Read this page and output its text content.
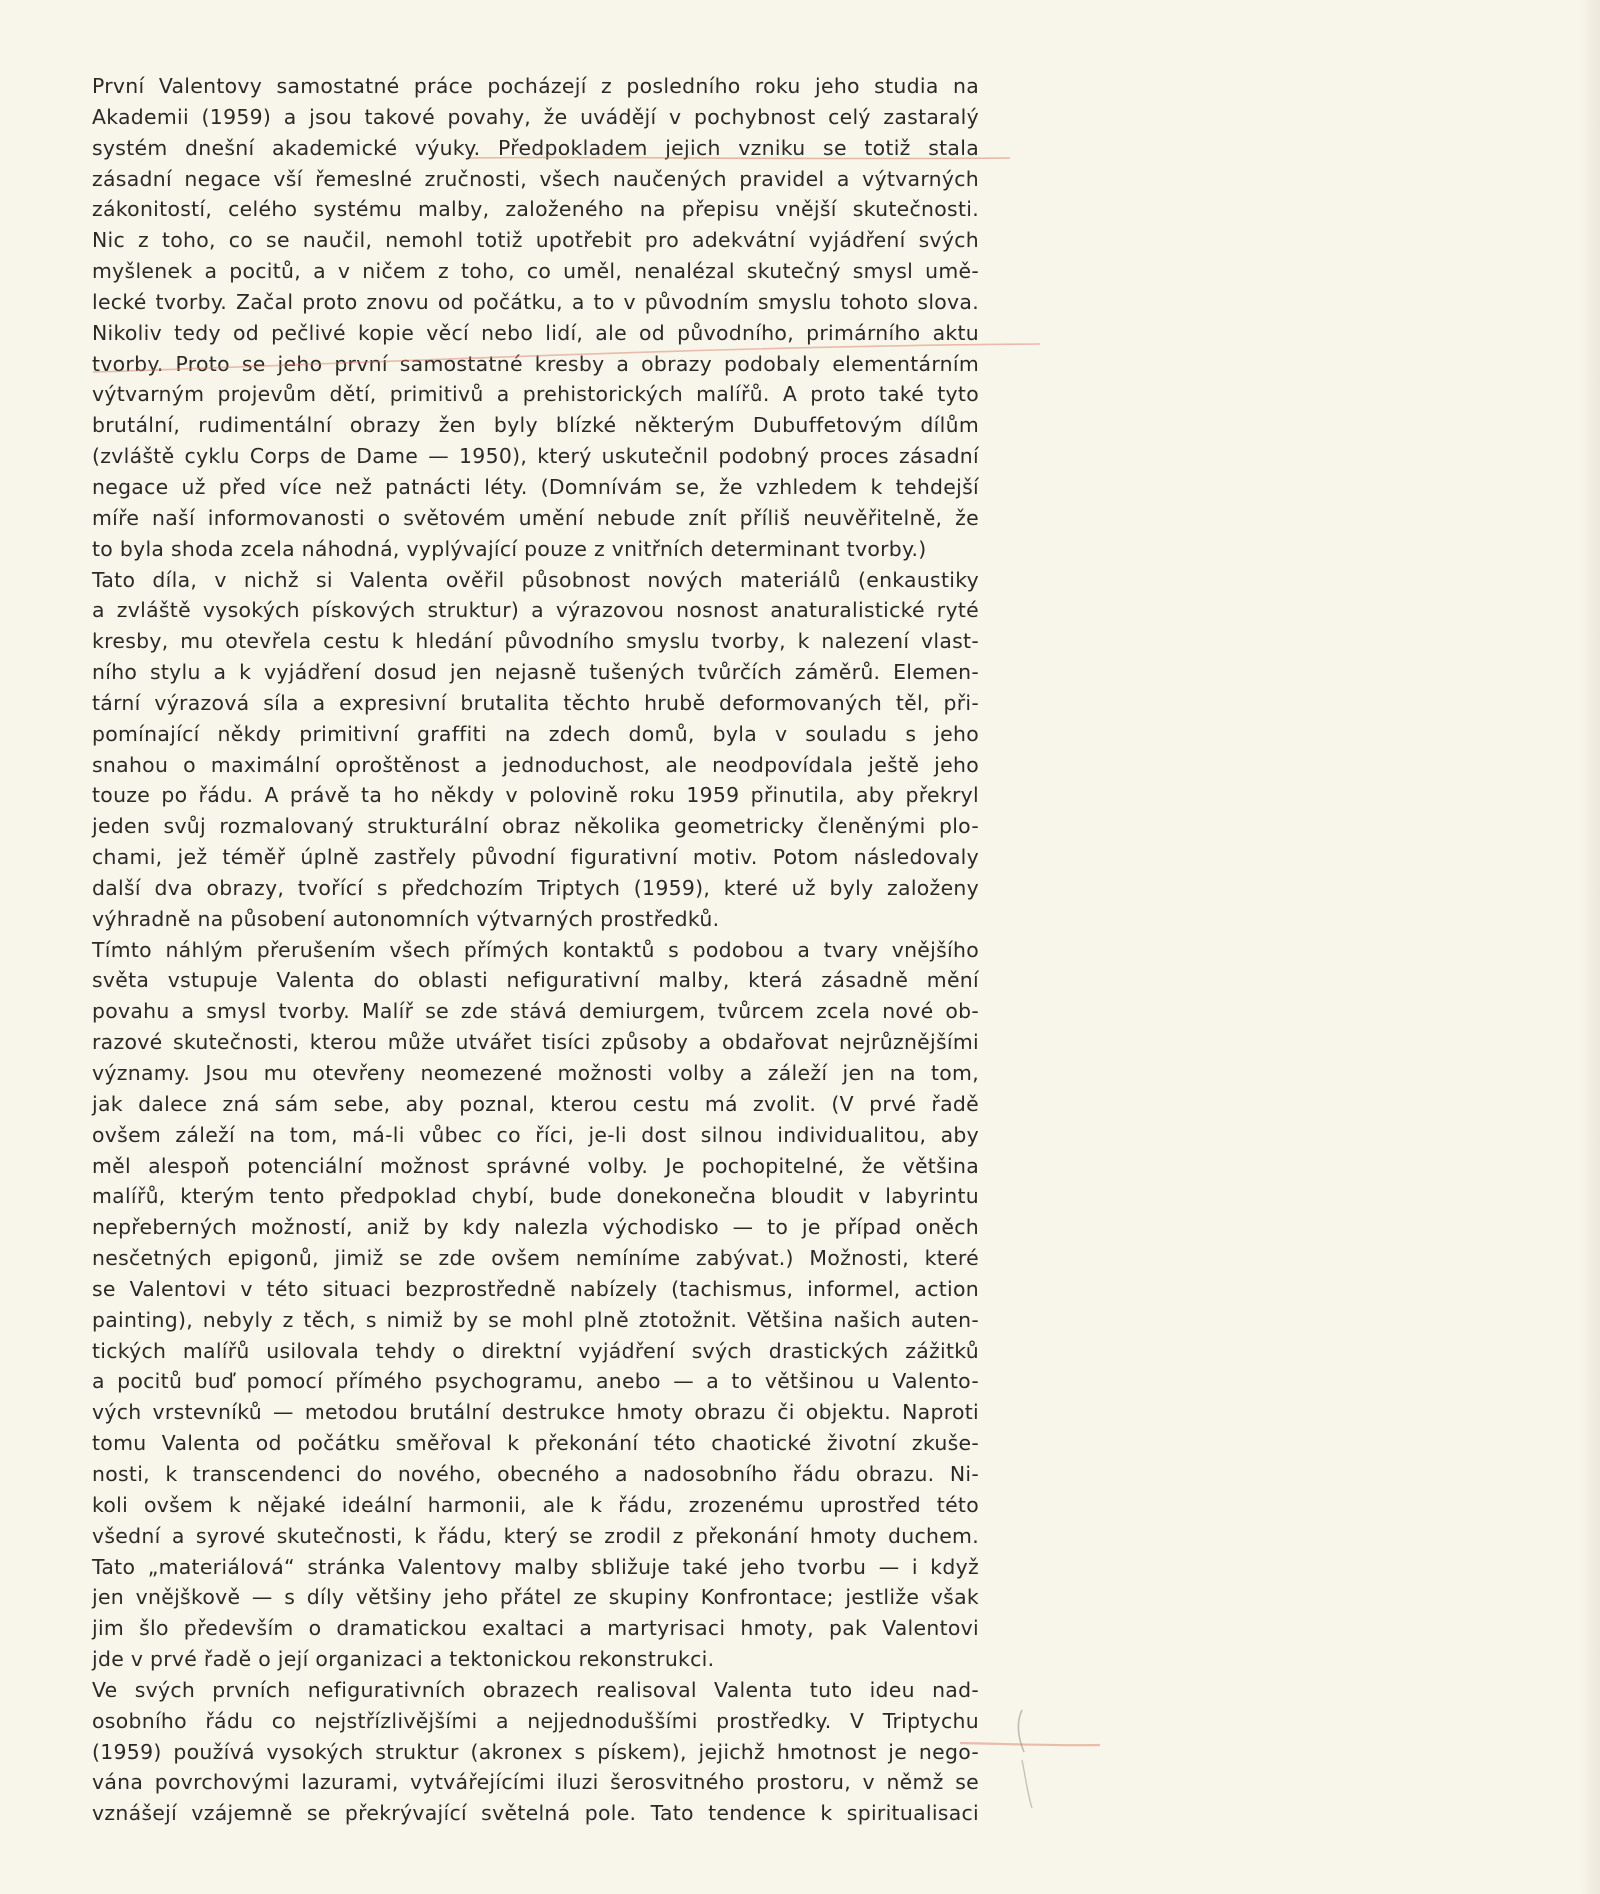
První Valentovy samostatné práce pocházejí z posledního roku jeho studia na
Akademii (1959) a jsou takové povahy, že uvádějí v pochybnost celý zastaralý
systém dnešní akademické výuky. Předpokladem jejich vzniku se totiž stala
zásadní negace vší řemeslné zručnosti, všech naučených pravidel a výtvarných
zákonitostí, celého systému malby, založeného na přepisu vnější skutečnosti.
Nic z toho, co se naučil, nemohl totiž upotřebit pro adekvátní vyjádření svých
myšlenek a pocitů, a v ničem z toho, co uměl, nenalézal skutečný smysl umě-
lecké tvorby. Začal proto znovu od počátku, a to v původním smyslu tohoto slova.
Nikoliv tedy od pečlivé kopie věcí nebo lidí, ale od původního, primárního aktu
tvorby. Proto se jeho první samostatné kresby a obrazy podobaly elementárním
výtvarným projevům dětí, primitivů a prehistorických malířů. A proto také tyto
brutální, rudimentální obrazy žen byly blízké některým Dubuffetovým dílům
(zvláště cyklu Corps de Dame — 1950), který uskutečnil podobný proces zásadní
negace už před více než patnácti léty. (Domnívám se, že vzhledem k tehdejší
míře naší informovanosti o světovém umění nebude znít příliš neuvěřitelně, že
to byla shoda zcela náhodná, vyplývající pouze z vnitřních determinant tvorby.)
Tato díla, v nichž si Valenta ověřil působnost nových materiálů (enkaustiky
a zvláště vysokých pískových struktur) a výrazovou nosnost anaturalistické ryté
kresby, mu otevřela cestu k hledání původního smyslu tvorby, k nalezení vlast-
ního stylu a k vyjádření dosud jen nejasně tušených tvůrčích záměrů. Elemen-
tární výrazová síla a expresivní brutalita těchto hrubě deformovaných těl, při-
pomínající někdy primitivní graffiti na zdech domů, byla v souladu s jeho
snahou o maximální oproštěnost a jednoduchost, ale neodpovídala ještě jeho
touze po řádu. A právě ta ho někdy v polovině roku 1959 přinutila, aby překryl
jeden svůj rozmalovaný strukturální obraz několika geometricky členěnými plo-
chami, jež téměř úplně zastřely původní figurativní motiv. Potom následovaly
další dva obrazy, tvořící s předchozím Triptych (1959), které už byly založeny
výhradně na působení autonomních výtvarných prostředků.
Tímto náhlým přerušením všech přímých kontaktů s podobou a tvary vnějšího
světa vstupuje Valenta do oblasti nefigurativní malby, která zásadně mění
povahu a smysl tvorby. Malíř se zde stává demiurgem, tvůrcem zcela nové ob-
razové skutečnosti, kterou může utvářet tisíci způsoby a obdařovat nejrůznějšími
významy. Jsou mu otevřeny neomezené možnosti volby a záleží jen na tom,
jak dalece zná sám sebe, aby poznal, kterou cestu má zvolit. (V prvé řadě
ovšem záleží na tom, má-li vůbec co říci, je-li dost silnou individualitou, aby
měl alespoň potenciální možnost správné volby. Je pochopitelné, že většina
malířů, kterým tento předpoklad chybí, bude donekonečna bloudit v labyrintu
nepřeberných možností, aniž by kdy nalezla východisko — to je případ oněch
nesčetných epigonů, jimiž se zde ovšem nemíníme zabývat.) Možnosti, které
se Valentovi v této situaci bezprostředně nabízely (tachismus, informel, action
painting), nebyly z těch, s nimiž by se mohl plně ztotožnit. Většina našich auten-
tických malířů usilovala tehdy o direktní vyjádření svých drastických zážitků
a pocitů buď pomocí přímého psychogramu, anebo — a to většinou u Valento-
vých vrstevníků — metodou brutální destrukce hmoty obrazu či objektu. Naproti
tomu Valenta od počátku směřoval k překonání této chaotické životní zkuše-
nosti, k transcendenci do nového, obecného a nadosobního řádu obrazu. Ni-
koli ovšem k nějaké ideální harmonii, ale k řádu, zrozenému uprostřed této
všední a syrové skutečnosti, k řádu, který se zrodil z překonání hmoty duchem.
Tato „materiálová“ stránka Valentovy malby sbližuje také jeho tvorbu — i když
jen vnějškově — s díly většiny jeho přátel ze skupiny Konfrontace; jestliže však
jim šlo především o dramatickou exaltaci a martyrisaci hmoty, pak Valentovi
jde v prvé řadě o její organizaci a tektonickou rekonstrukci.
Ve svých prvních nefigurativních obrazech realisoval Valenta tuto ideu nad-
osobního řádu co nejstřízlivějšími a nejjednoduššími prostředky. V Triptychu
(1959) používá vysokých struktur (akronex s pískem), jejichž hmotnost je nego-
vána povrchovými lazurami, vytvářejícími iluzi šerosvitného prostoru, v němž se
vznášejí vzájemně se překrývající světelná pole. Tato tendence k spiritualisaci
